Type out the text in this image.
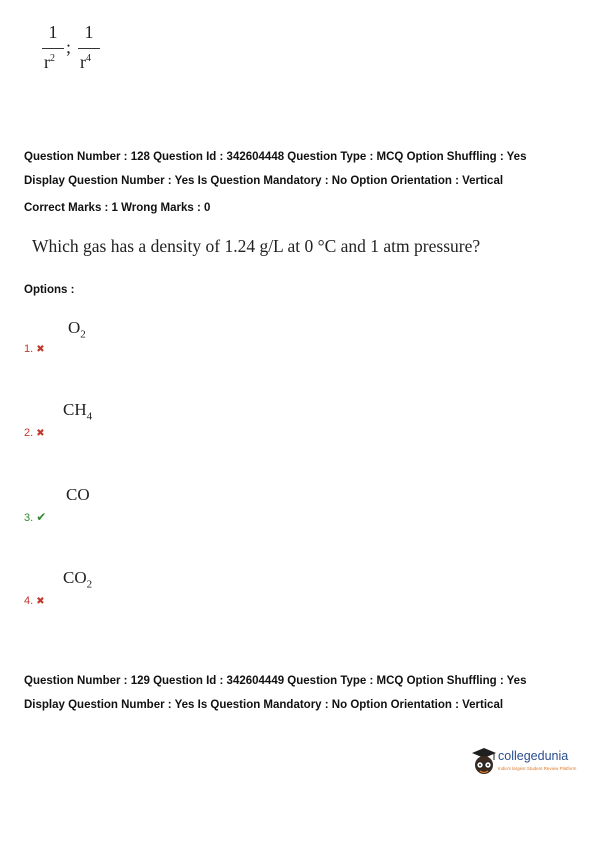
1
$r^2$
;
1
$r^4$
Question Number : 128 Question Id : 342604448 Question Type : MCQ Option Shuffling : Yes
Display Question Number : Yes Is Question Mandatory : No Option Orientation : Vertical
Correct Marks : 1 Wrong Marks : 0
Which gas has a density of 1.24 g/L at 0 °C and 1 atm pressure?
Options :
$O_2$
1. ✖
$CH_4$
2. ✖
CO
3. ✔
$CO_2$
4. ✖
Question Number : 129 Question Id : 342604449 Question Type : MCQ Option Shuffling : Yes
Display Question Number : Yes Is Question Mandatory : No Option Orientation : Vertical
collegedunia
India's largest Student Review Platform
